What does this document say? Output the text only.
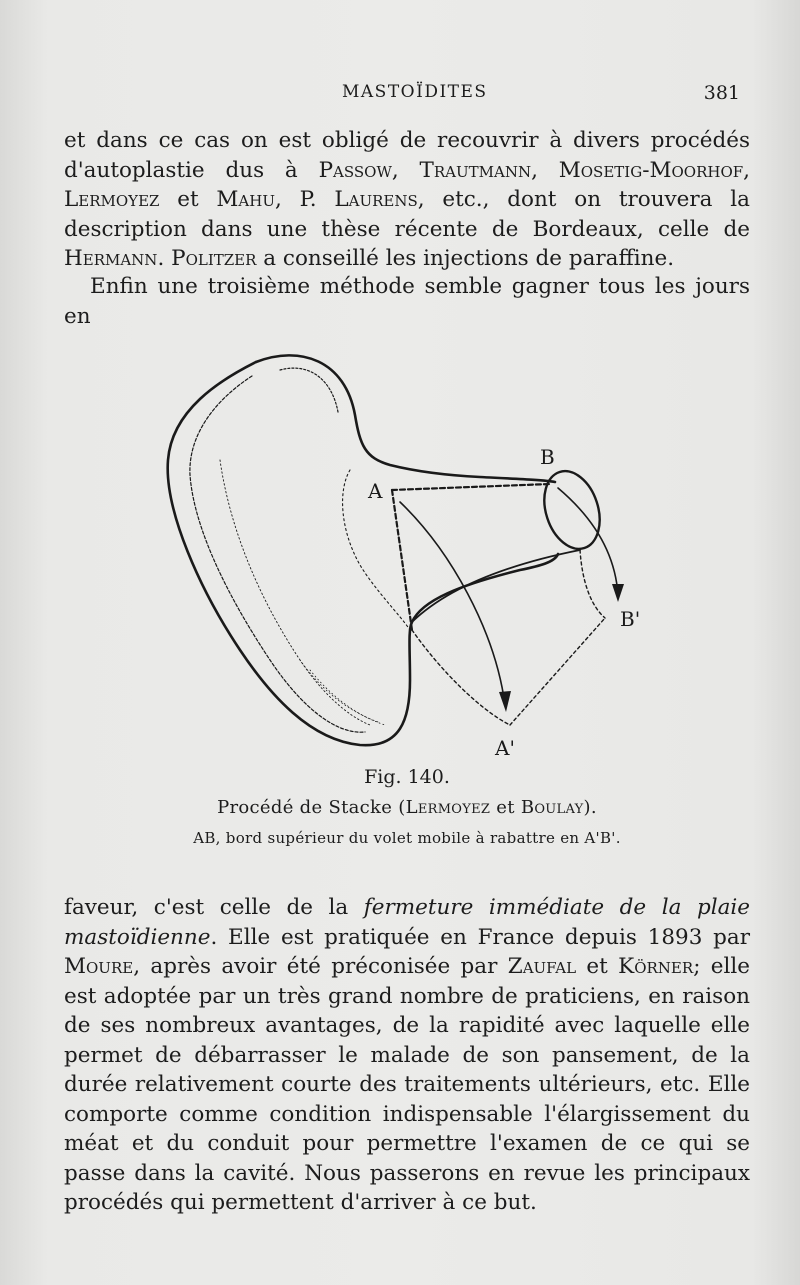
MASTOÏDITES	381

et dans ce cas on est obligé de recouvrir à divers procédés d'autoplastie dus à Passow, Trautmann, Mosetig-Moorhof, Lermoyez et Mahu, P. Laurens, etc., dont on trouvera la description dans une thèse récente de Bordeaux, celle de Hermann. Politzer a conseillé les injections de paraffine.

Enfin une troisième méthode semble gagner tous les jours en

A
B
A'
B'

Fig. 140.

Procédé de Stacke (Lermoyez et Boulay).

AB, bord supérieur du volet mobile à rabattre en A'B'.

faveur, c'est celle de la fermeture immédiate de la plaie mastoïdienne. Elle est pratiquée en France depuis 1893 par Moure, après avoir été préconisée par Zaufal et Körner; elle est adoptée par un très grand nombre de praticiens, en raison de ses nombreux avantages, de la rapidité avec laquelle elle permet de débarrasser le malade de son pansement, de la durée relativement courte des traitements ultérieurs, etc. Elle comporte comme condition indispensable l'élargissement du méat et du conduit pour permettre l'examen de ce qui se passe dans la cavité. Nous passerons en revue les principaux procédés qui permettent d'arriver à ce but.
